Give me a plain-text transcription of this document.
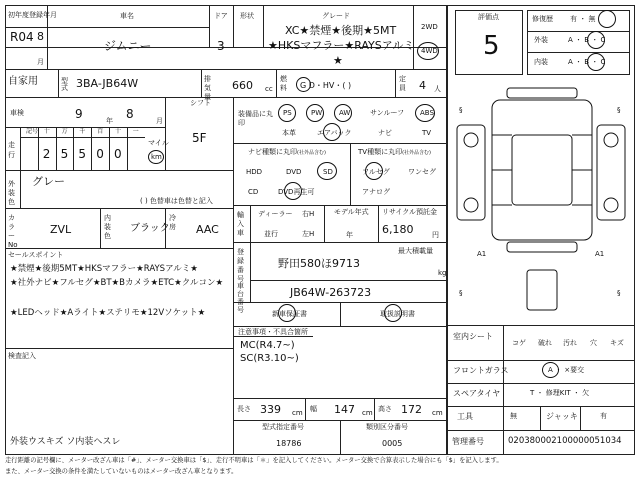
初年度登録年月
R04 8
月
車名
ジムニー
ドア
3
形状	グレード
XC★禁煙★後期★5MT
★HKSマフラー★RAYSアルミ
★
2WD
4WD
自家用	型式 3BA-JB64W	排気量
660 cc
燃料 G D・HV・( )
定員 4 人
車検	9	年 8	月
シフト
5F
走行
記号 十 万 千 百 十 一
2 5 5 0 0
マイル
km
外装色
グレー
( ) 色替車は色替と記入
カラーNo
ZVL
内装色
ブラック
冷房 AAC
セールスポイント
★禁煙★後期5MT★HKSマフラー★RAYSアルミ★
★社外ナビ★フルセグ★BT★Bカメラ★ETC★クルコン★
★LEDヘッド★Aライト★ステリモ★12Vソケット★
検査記入
外装ウスキズ ソ内装ヘスレ
装備品に丸印
PS	PW AW	サンルーフ ABS
本革	エアバック	ナビ	TV
ナビ種類に丸印(社外品含む)
HDD	DVD	SD
CD	DVD再生可
TV種類に丸印(社外品含む)
フルセグ	ワンセグ
アナログ
輸入車
ディーラー
並行
右H
左H
モデル年式
年
リサイクル預託金
6,180	円
登録番号
最大積載量
kg
野田580ほ9713
車台番号
JB64W-263723
新車保証書	取扱説明書
注意事項・不具合箇所
MC(R4.7~)
SC(R3.10~)
長さ 339 cm 幅 147 cm 高さ 172 cm
型式指定番号
18786
類別区分番号
0005
評価点
5
修復歴 有 ・ 無
外装	A ・ B ・ C
内装	A ・ B ・ C
§	§
A1	A1
§	§
室内シート
コゲ 破れ 汚れ 穴 キズ
フロントガラス	A ・ ×要交
スペアタイヤ	T ・ 修理KIT ・ 欠
工具	無	ジャッキ	有
管理番号	020380002100000051034
走行距離の記号欄に、メーター改ざん車は「#」、メーター交換車は「$」、走行不明車は「＊」を記入してください。メーター交換で合算表示した場合にも「$」を記入します。
また、メーター交換の条件を満たしていないものはメーター改ざん車となります。
